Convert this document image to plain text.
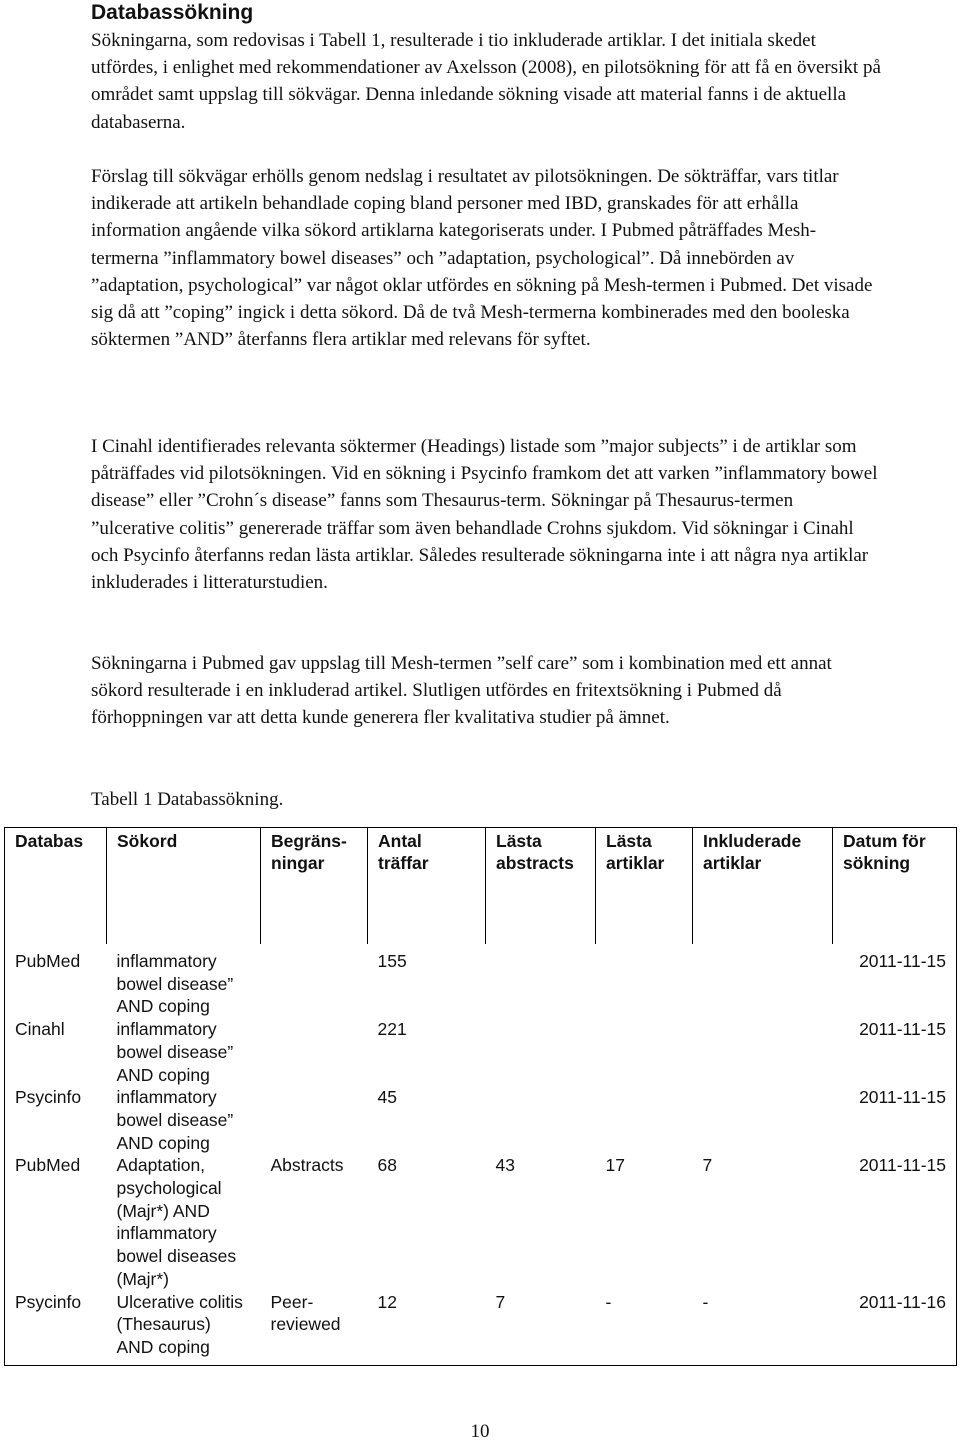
Databassökning

Sökningarna, som redovisas i Tabell 1, resulterade i tio inkluderade artiklar. I det initiala skedet utfördes, i enlighet med rekommendationer av Axelsson (2008), en pilotsökning för att få en översikt på området samt uppslag till sökvägar. Denna inledande sökning visade att material fanns i de aktuella databaserna.

Förslag till sökvägar erhölls genom nedslag i resultatet av pilotsökningen. De sökträffar, vars titlar indikerade att artikeln behandlade coping bland personer med IBD, granskades för att erhålla information angående vilka sökord artiklarna kategoriserats under. I Pubmed påträffades Mesh-termerna ”inflammatory bowel diseases” och ”adaptation, psychological”. Då innebörden av ”adaptation, psychological” var något oklar utfördes en sökning på Mesh-termen i Pubmed. Det visade sig då att ”coping” ingick i detta sökord. Då de två Mesh-termerna kombinerades med den booleska söktermen ”AND” återfanns flera artiklar med relevans för syftet.

I Cinahl identifierades relevanta söktermer (Headings) listade som ”major subjects” i de artiklar som påträffades vid pilotsökningen. Vid en sökning i Psycinfo framkom det att varken ”inflammatory bowel disease” eller ”Crohn´s disease” fanns som Thesaurus-term. Sökningar på Thesaurus-termen ”ulcerative colitis” genererade träffar som även behandlade Crohns sjukdom. Vid sökningar i Cinahl och Psycinfo återfanns redan lästa artiklar. Således resulterade sökningarna inte i att några nya artiklar inkluderades i litteraturstudien.

Sökningarna i Pubmed gav uppslag till Mesh-termen ”self care” som i kombination med ett annat sökord resulterade i en inkluderad artikel. Slutligen utfördes en fritextsökning i Pubmed då förhoppningen var att detta kunde generera fler kvalitativa studier på ämnet.

Tabell 1 Databassökning.

Databas	Sökord	Begräns-ningar	Antal träffar	Lästa abstracts	Lästa artiklar	Inkluderade artiklar	Datum för sökning
PubMed	inflammatory bowel disease” AND coping		155				2011-11-15
Cinahl	inflammatory bowel disease” AND coping		221				2011-11-15
Psycinfo	inflammatory bowel disease” AND coping		45				2011-11-15
PubMed	Adaptation, psychological (Majr*) AND inflammatory bowel diseases (Majr*)	Abstracts	68	43	17	7	2011-11-15
Psycinfo	Ulcerative colitis (Thesaurus) AND coping	Peer-reviewed	12	7	-	-	2011-11-16

10
